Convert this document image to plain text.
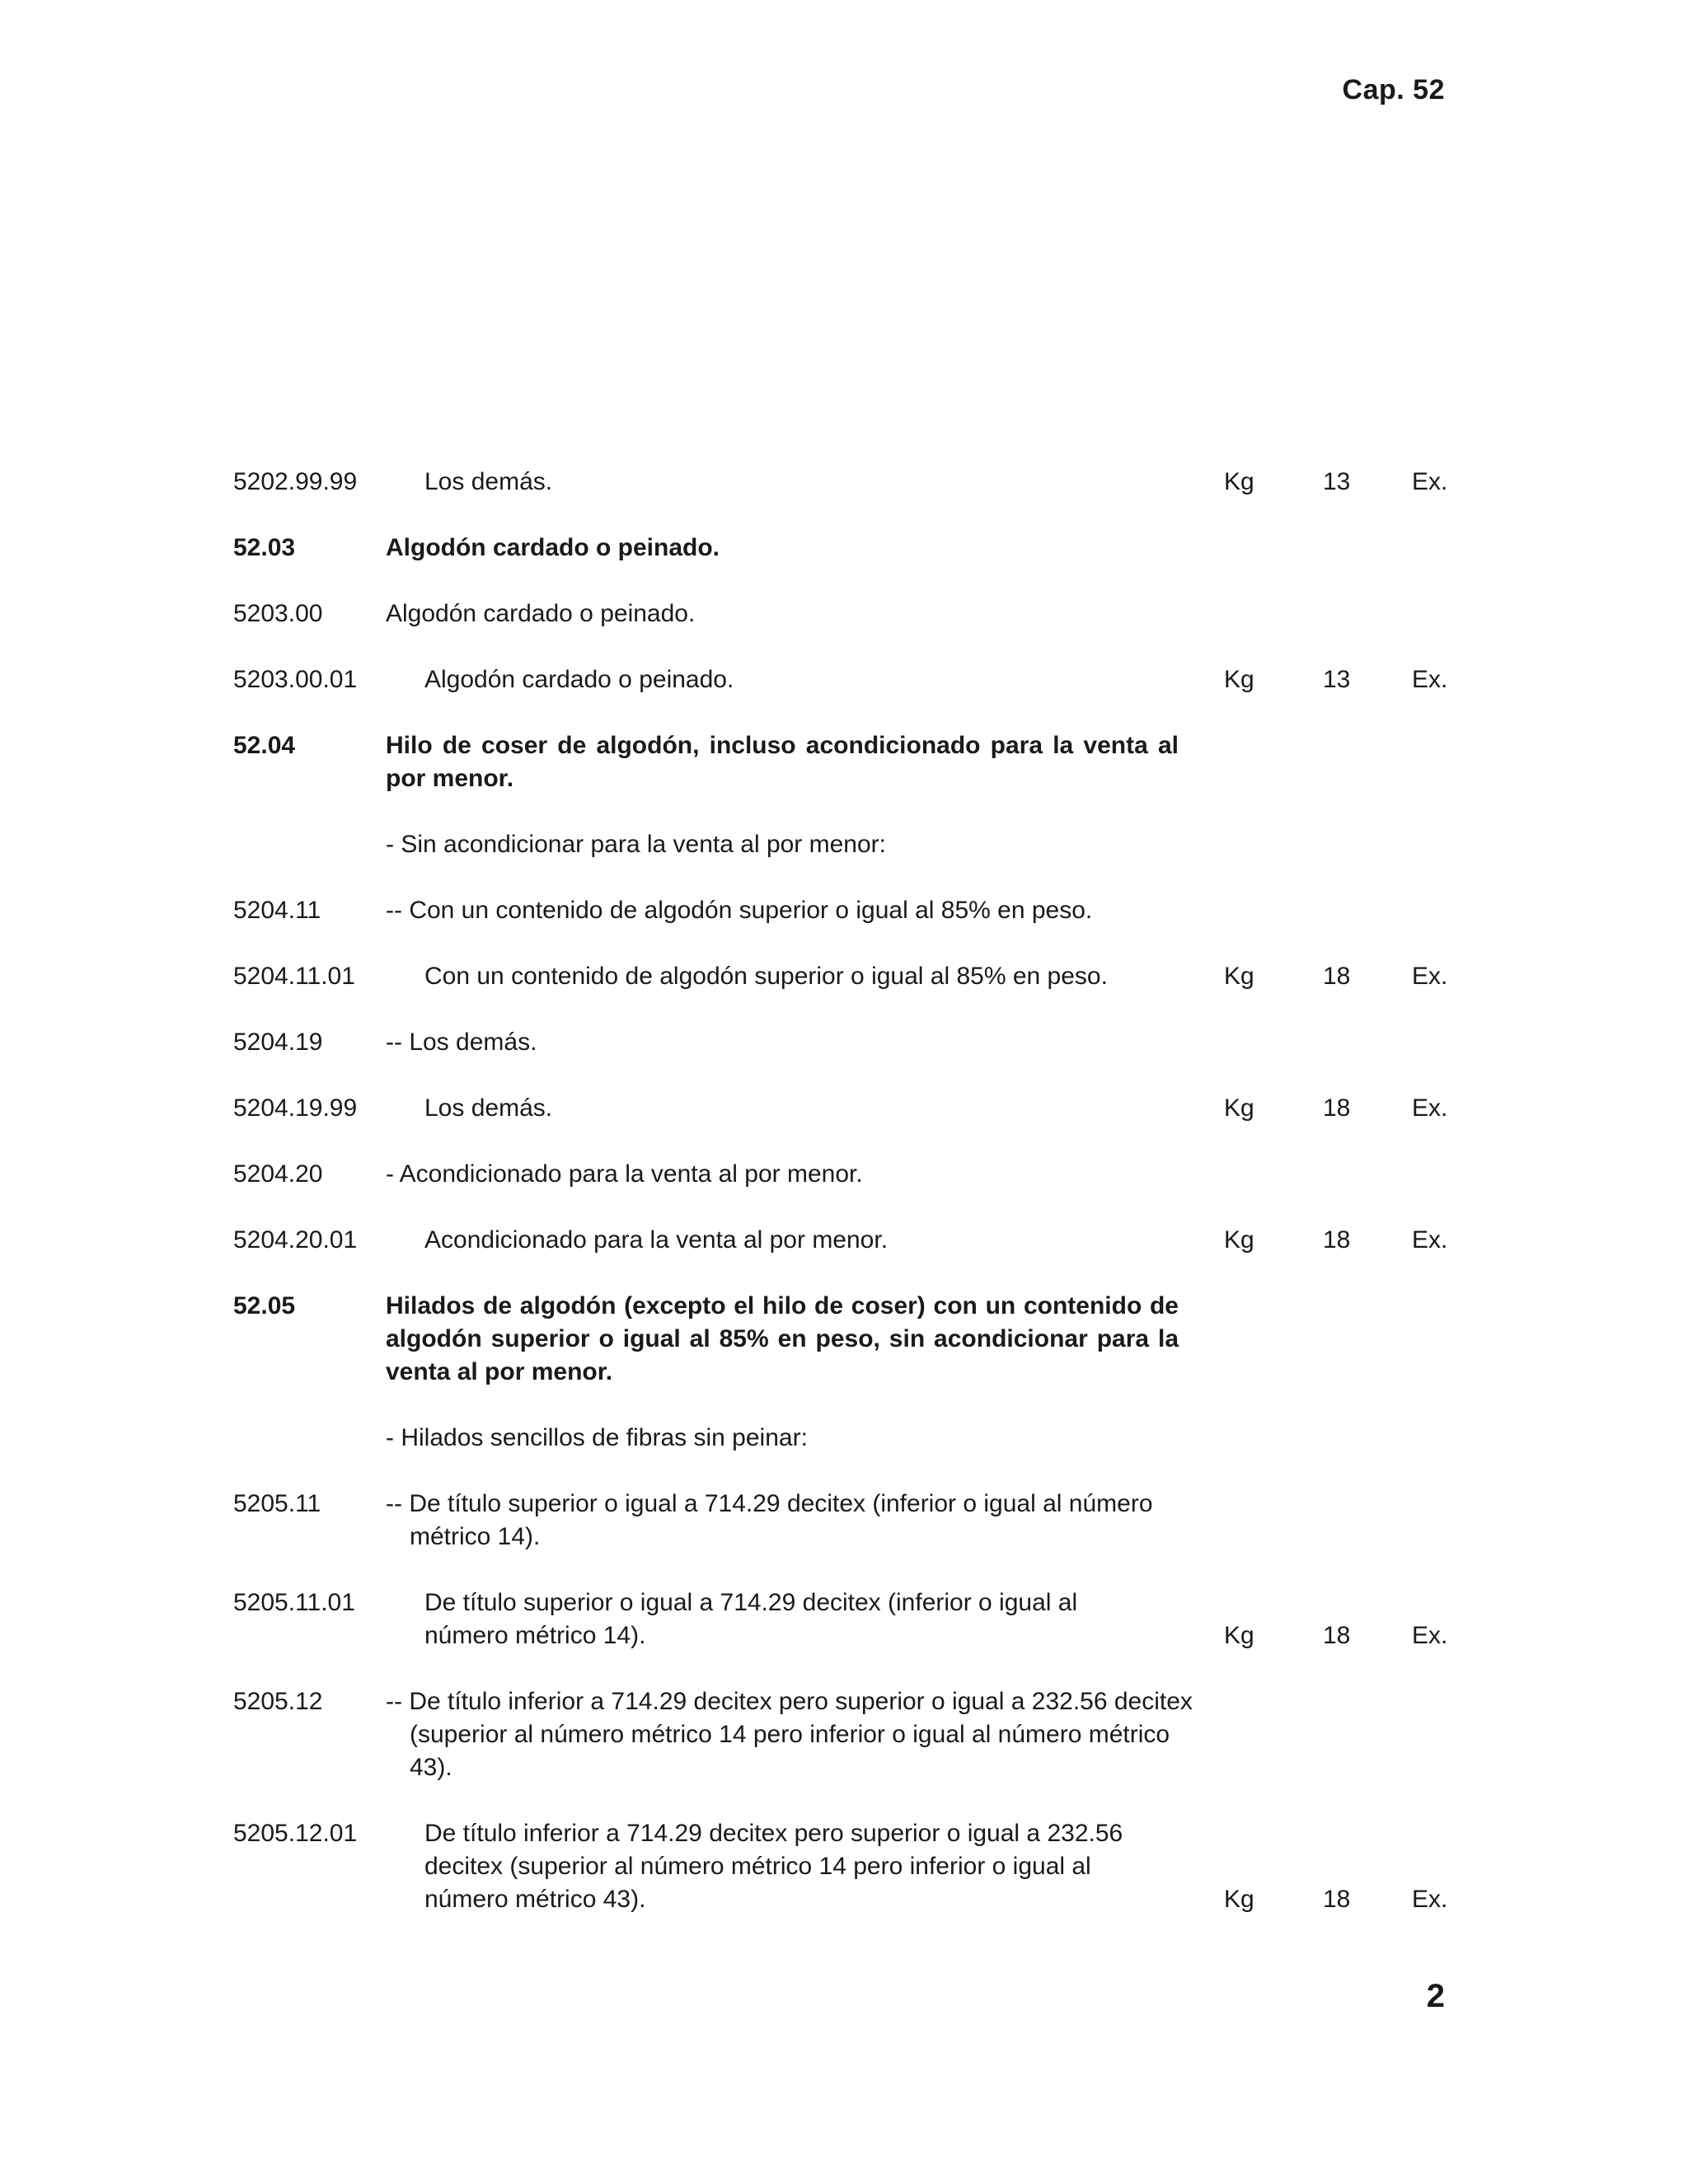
Cap. 52
5202.99.99	Los demás.	Kg	13 Ex.
52.03	Algodón cardado o peinado.
5203.00	Algodón cardado o peinado.
5203.00.01	Algodón cardado o peinado.	Kg	13 Ex.
52.04	Hilo de coser de algodón, incluso acondicionado para la venta al por menor.
- Sin acondicionar para la venta al por menor:
5204.11	-- Con un contenido de algodón superior o igual al 85% en peso.
5204.11.01	Con un contenido de algodón superior o igual al 85% en peso.	Kg	18 Ex.
5204.19	-- Los demás.
5204.19.99	Los demás.	Kg	18 Ex.
5204.20	- Acondicionado para la venta al por menor.
5204.20.01	Acondicionado para la venta al por menor.	Kg	18 Ex.
52.05	Hilados de algodón (excepto el hilo de coser) con un contenido de algodón superior o igual al 85% en peso, sin acondicionar para la venta al por menor.
- Hilados sencillos de fibras sin peinar:
5205.11	-- De título superior o igual a 714.29 decitex (inferior o igual al número métrico 14).
5205.11.01	De título superior o igual a 714.29 decitex (inferior o igual al número métrico 14).	Kg	18 Ex.
5205.12	-- De título inferior a 714.29 decitex pero superior o igual a 232.56 decitex (superior al número métrico 14 pero inferior o igual al número métrico 43).
5205.12.01	De título inferior a 714.29 decitex pero superior o igual a 232.56 decitex (superior al número métrico 14 pero inferior o igual al número métrico 43).	Kg	18 Ex.
2
